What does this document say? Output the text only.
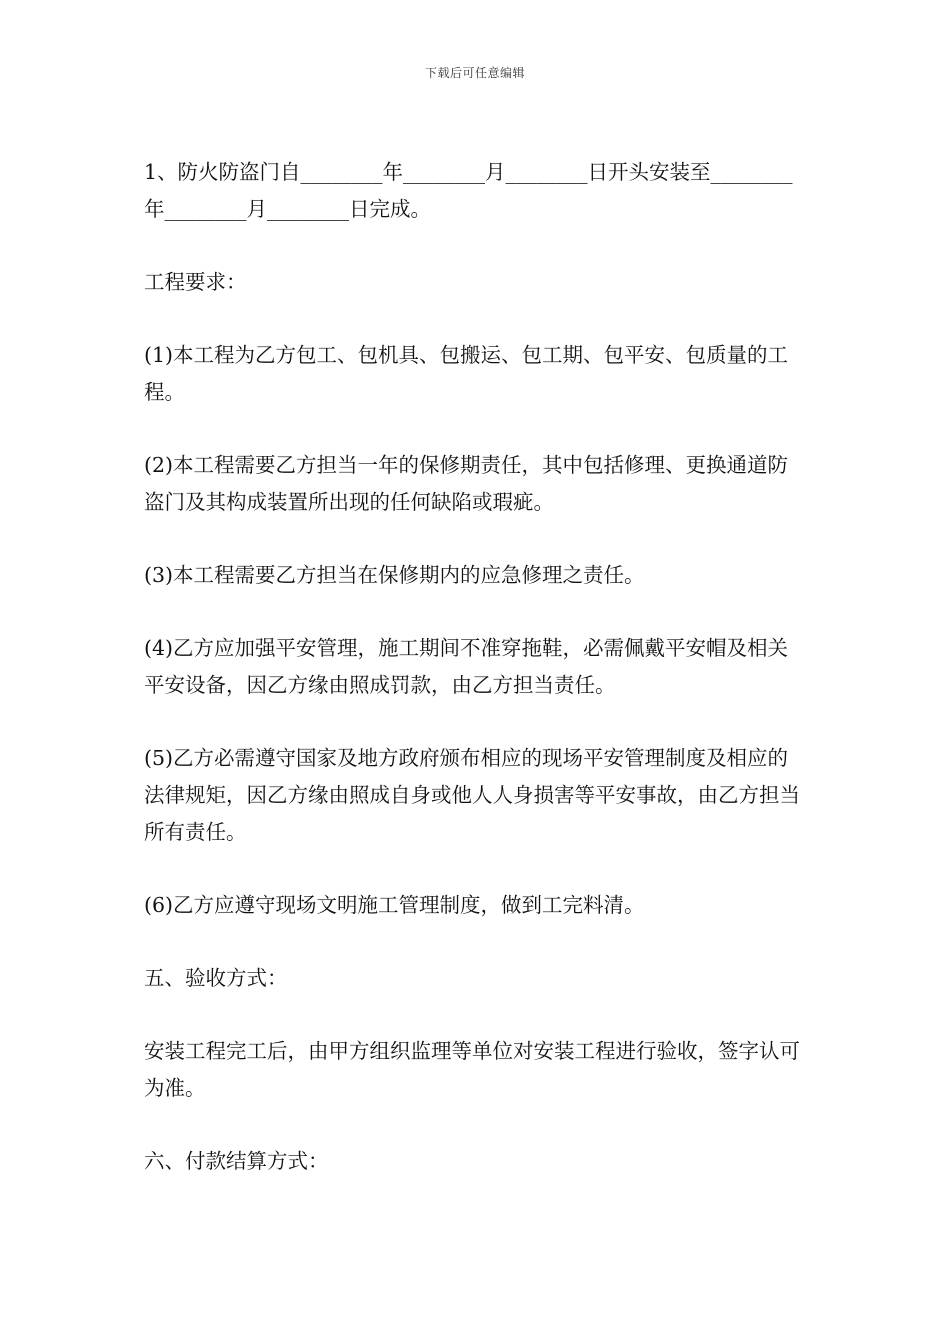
下载后可任意编辑

1、防火防盗门自________年________月________日开头安装至________年________月________日完成。

工程要求：

(1)本工程为乙方包工、包机具、包搬运、包工期、包平安、包质量的工程。

(2)本工程需要乙方担当一年的保修期责任，其中包括修理、更换通道防盗门及其构成装置所出现的任何缺陷或瑕疵。

(3)本工程需要乙方担当在保修期内的应急修理之责任。

(4)乙方应加强平安管理，施工期间不准穿拖鞋，必需佩戴平安帽及相关平安设备，因乙方缘由照成罚款，由乙方担当责任。

(5)乙方必需遵守国家及地方政府颁布相应的现场平安管理制度及相应的法律规矩，因乙方缘由照成自身或他人人身损害等平安事故，由乙方担当所有责任。

(6)乙方应遵守现场文明施工管理制度，做到工完料清。

五、验收方式：

安装工程完工后，由甲方组织监理等单位对安装工程进行验收，签字认可为准。

六、付款结算方式：
